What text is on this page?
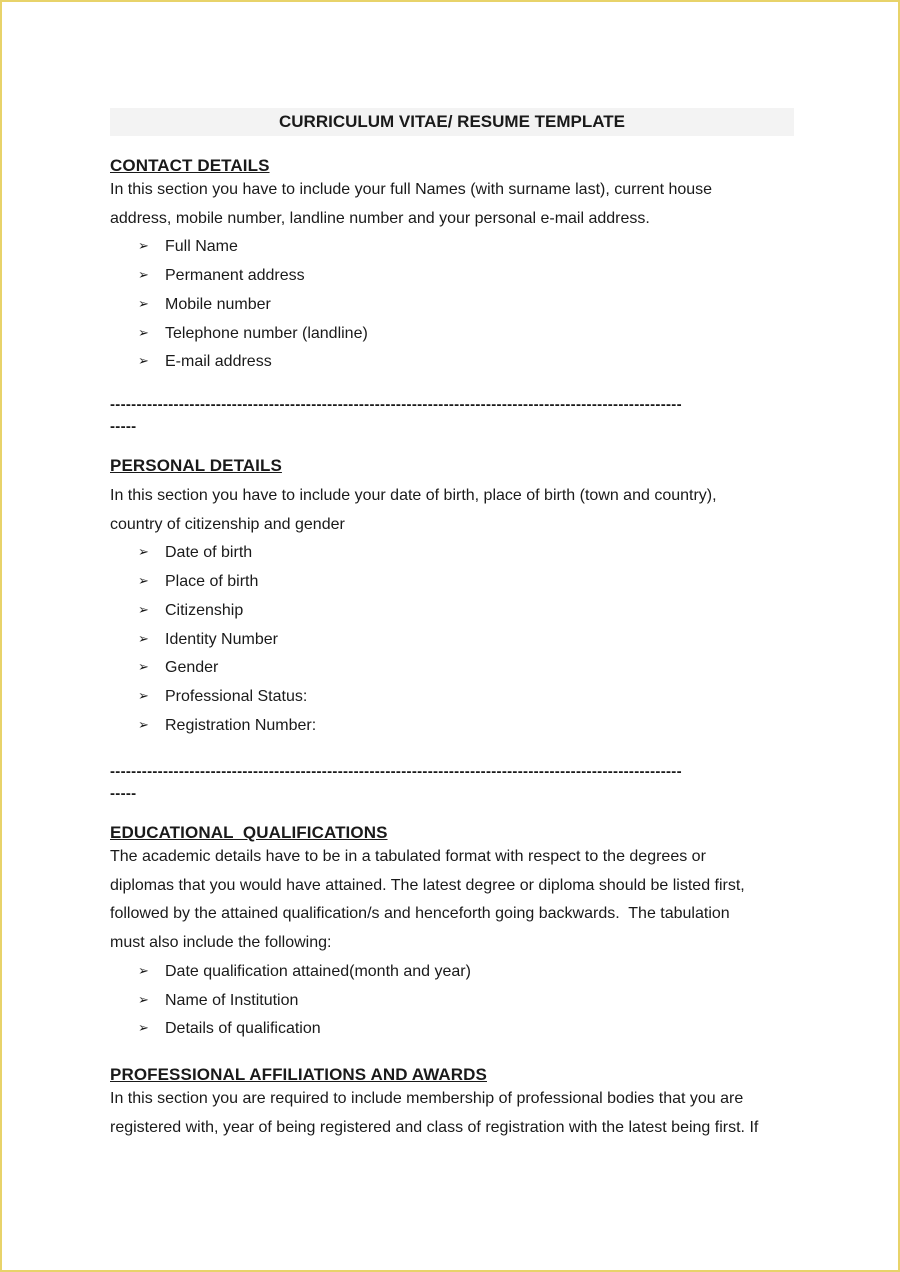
CURRICULUM VITAE/ RESUME TEMPLATE
CONTACT DETAILS
In this section you have to include your full Names (with surname last), current house
address, mobile number, landline number and your personal e-mail address.
➢ Full Name
➢ Permanent address
➢ Mobile number
➢ Telephone number (landline)
➢ E-mail address
------------------------------------------------------------------------------------------------------------
-----
PERSONAL DETAILS
In this section you have to include your date of birth, place of birth (town and country),
country of citizenship and gender
➢ Date of birth
➢ Place of birth
➢ Citizenship
➢ Identity Number
➢ Gender
➢ Professional Status:
➢ Registration Number:
------------------------------------------------------------------------------------------------------------
-----
EDUCATIONAL  QUALIFICATIONS
The academic details have to be in a tabulated format with respect to the degrees or
diplomas that you would have attained. The latest degree or diploma should be listed first,
followed by the attained qualification/s and henceforth going backwards.  The tabulation
must also include the following:
➢ Date qualification attained(month and year)
➢ Name of Institution
➢ Details of qualification
PROFESSIONAL AFFILIATIONS AND AWARDS
In this section you are required to include membership of professional bodies that you are
registered with, year of being registered and class of registration with the latest being first. If
